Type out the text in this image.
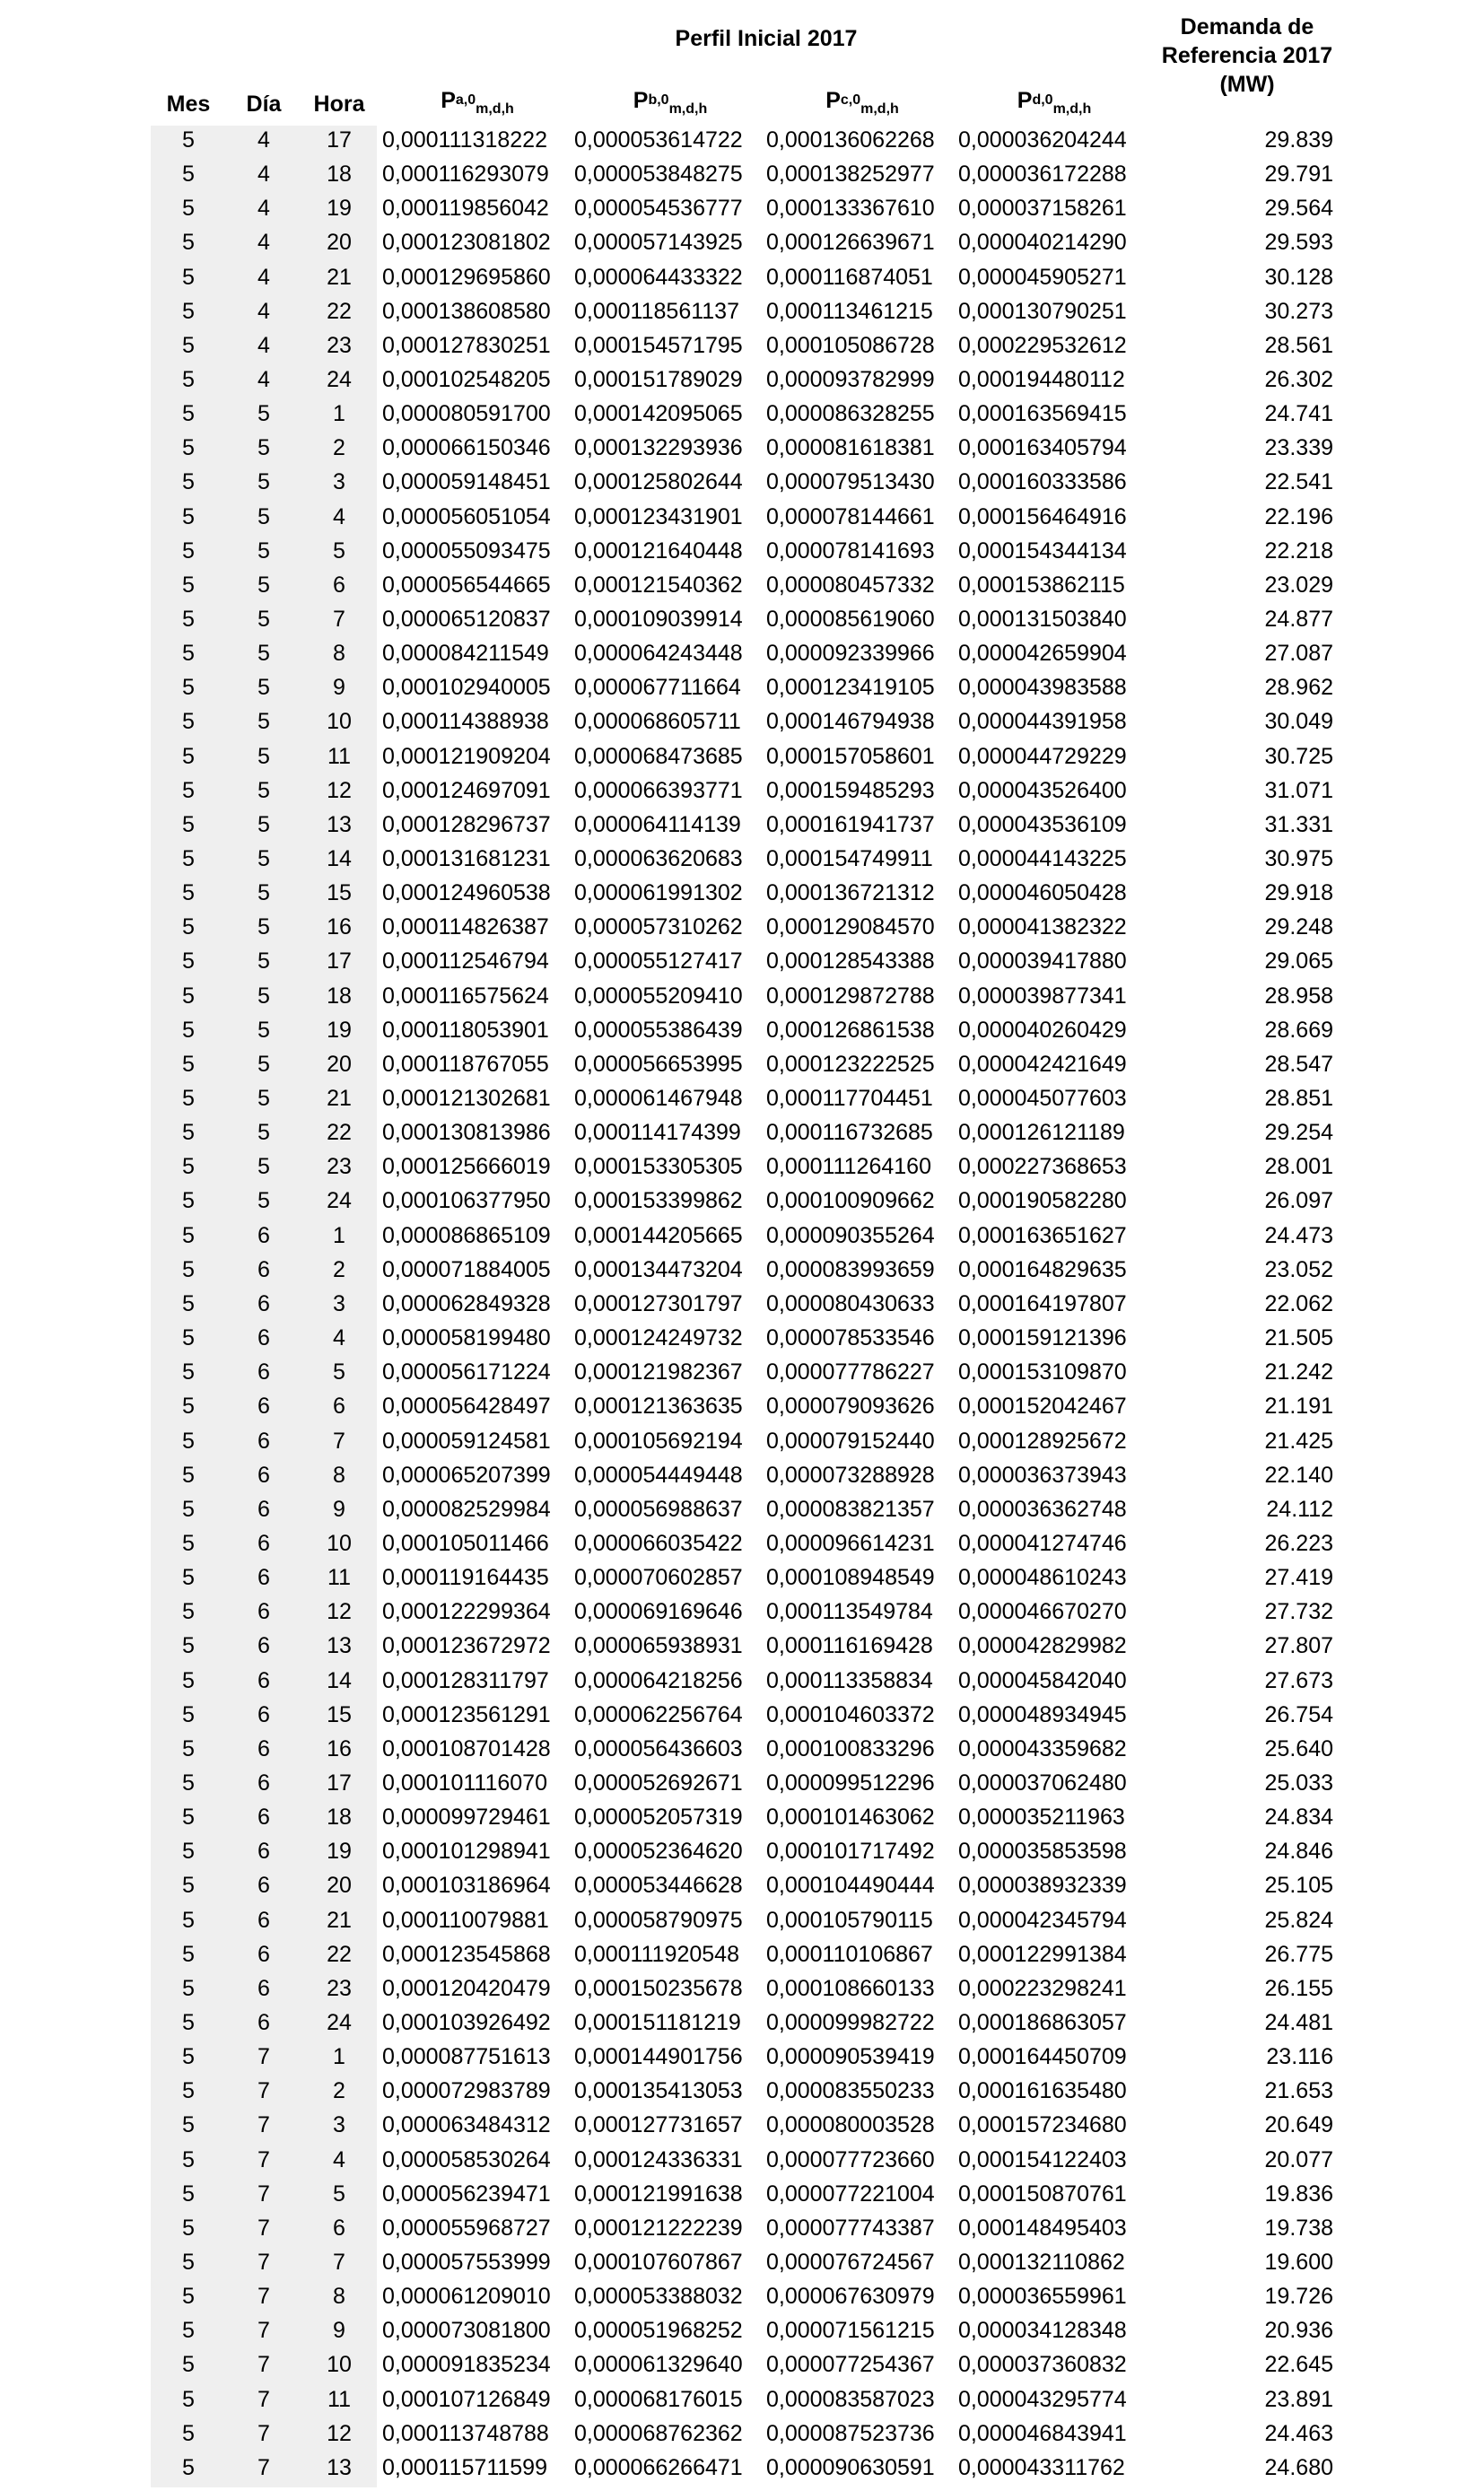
Perfil Inicial 2017	Demanda de
Referencia 2017
(MW)
Mes	Día	Hora	P$^{a,0}_{m,d,h}$	P$^{b,0}_{m,d,h}$	P$^{c,0}_{m,d,h}$	P$^{d,0}_{m,d,h}$
5	4	17	0,000111318222	0,000053614722	0,000136062268	0,000036204244	29.839
5	4	18	0,000116293079	0,000053848275	0,000138252977	0,000036172288	29.791
5	4	19	0,000119856042	0,000054536777	0,000133367610	0,000037158261	29.564
5	4	20	0,000123081802	0,000057143925	0,000126639671	0,000040214290	29.593
5	4	21	0,000129695860	0,000064433322	0,000116874051	0,000045905271	30.128
5	4	22	0,000138608580	0,000118561137	0,000113461215	0,000130790251	30.273
5	4	23	0,000127830251	0,000154571795	0,000105086728	0,000229532612	28.561
5	4	24	0,000102548205	0,000151789029	0,000093782999	0,000194480112	26.302
5	5	1	0,000080591700	0,000142095065	0,000086328255	0,000163569415	24.741
5	5	2	0,000066150346	0,000132293936	0,000081618381	0,000163405794	23.339
5	5	3	0,000059148451	0,000125802644	0,000079513430	0,000160333586	22.541
5	5	4	0,000056051054	0,000123431901	0,000078144661	0,000156464916	22.196
5	5	5	0,000055093475	0,000121640448	0,000078141693	0,000154344134	22.218
5	5	6	0,000056544665	0,000121540362	0,000080457332	0,000153862115	23.029
5	5	7	0,000065120837	0,000109039914	0,000085619060	0,000131503840	24.877
5	5	8	0,000084211549	0,000064243448	0,000092339966	0,000042659904	27.087
5	5	9	0,000102940005	0,000067711664	0,000123419105	0,000043983588	28.962
5	5	10	0,000114388938	0,000068605711	0,000146794938	0,000044391958	30.049
5	5	11	0,000121909204	0,000068473685	0,000157058601	0,000044729229	30.725
5	5	12	0,000124697091	0,000066393771	0,000159485293	0,000043526400	31.071
5	5	13	0,000128296737	0,000064114139	0,000161941737	0,000043536109	31.331
5	5	14	0,000131681231	0,000063620683	0,000154749911	0,000044143225	30.975
5	5	15	0,000124960538	0,000061991302	0,000136721312	0,000046050428	29.918
5	5	16	0,000114826387	0,000057310262	0,000129084570	0,000041382322	29.248
5	5	17	0,000112546794	0,000055127417	0,000128543388	0,000039417880	29.065
5	5	18	0,000116575624	0,000055209410	0,000129872788	0,000039877341	28.958
5	5	19	0,000118053901	0,000055386439	0,000126861538	0,000040260429	28.669
5	5	20	0,000118767055	0,000056653995	0,000123222525	0,000042421649	28.547
5	5	21	0,000121302681	0,000061467948	0,000117704451	0,000045077603	28.851
5	5	22	0,000130813986	0,000114174399	0,000116732685	0,000126121189	29.254
5	5	23	0,000125666019	0,000153305305	0,000111264160	0,000227368653	28.001
5	5	24	0,000106377950	0,000153399862	0,000100909662	0,000190582280	26.097
5	6	1	0,000086865109	0,000144205665	0,000090355264	0,000163651627	24.473
5	6	2	0,000071884005	0,000134473204	0,000083993659	0,000164829635	23.052
5	6	3	0,000062849328	0,000127301797	0,000080430633	0,000164197807	22.062
5	6	4	0,000058199480	0,000124249732	0,000078533546	0,000159121396	21.505
5	6	5	0,000056171224	0,000121982367	0,000077786227	0,000153109870	21.242
5	6	6	0,000056428497	0,000121363635	0,000079093626	0,000152042467	21.191
5	6	7	0,000059124581	0,000105692194	0,000079152440	0,000128925672	21.425
5	6	8	0,000065207399	0,000054449448	0,000073288928	0,000036373943	22.140
5	6	9	0,000082529984	0,000056988637	0,000083821357	0,000036362748	24.112
5	6	10	0,000105011466	0,000066035422	0,000096614231	0,000041274746	26.223
5	6	11	0,000119164435	0,000070602857	0,000108948549	0,000048610243	27.419
5	6	12	0,000122299364	0,000069169646	0,000113549784	0,000046670270	27.732
5	6	13	0,000123672972	0,000065938931	0,000116169428	0,000042829982	27.807
5	6	14	0,000128311797	0,000064218256	0,000113358834	0,000045842040	27.673
5	6	15	0,000123561291	0,000062256764	0,000104603372	0,000048934945	26.754
5	6	16	0,000108701428	0,000056436603	0,000100833296	0,000043359682	25.640
5	6	17	0,000101116070	0,000052692671	0,000099512296	0,000037062480	25.033
5	6	18	0,000099729461	0,000052057319	0,000101463062	0,000035211963	24.834
5	6	19	0,000101298941	0,000052364620	0,000101717492	0,000035853598	24.846
5	6	20	0,000103186964	0,000053446628	0,000104490444	0,000038932339	25.105
5	6	21	0,000110079881	0,000058790975	0,000105790115	0,000042345794	25.824
5	6	22	0,000123545868	0,000111920548	0,000110106867	0,000122991384	26.775
5	6	23	0,000120420479	0,000150235678	0,000108660133	0,000223298241	26.155
5	6	24	0,000103926492	0,000151181219	0,000099982722	0,000186863057	24.481
5	7	1	0,000087751613	0,000144901756	0,000090539419	0,000164450709	23.116
5	7	2	0,000072983789	0,000135413053	0,000083550233	0,000161635480	21.653
5	7	3	0,000063484312	0,000127731657	0,000080003528	0,000157234680	20.649
5	7	4	0,000058530264	0,000124336331	0,000077723660	0,000154122403	20.077
5	7	5	0,000056239471	0,000121991638	0,000077221004	0,000150870761	19.836
5	7	6	0,000055968727	0,000121222239	0,000077743387	0,000148495403	19.738
5	7	7	0,000057553999	0,000107607867	0,000076724567	0,000132110862	19.600
5	7	8	0,000061209010	0,000053388032	0,000067630979	0,000036559961	19.726
5	7	9	0,000073081800	0,000051968252	0,000071561215	0,000034128348	20.936
5	7	10	0,000091835234	0,000061329640	0,000077254367	0,000037360832	22.645
5	7	11	0,000107126849	0,000068176015	0,000083587023	0,000043295774	23.891
5	7	12	0,000113748788	0,000068762362	0,000087523736	0,000046843941	24.463
5	7	13	0,000115711599	0,000066266471	0,000090630591	0,000043311762	24.680
